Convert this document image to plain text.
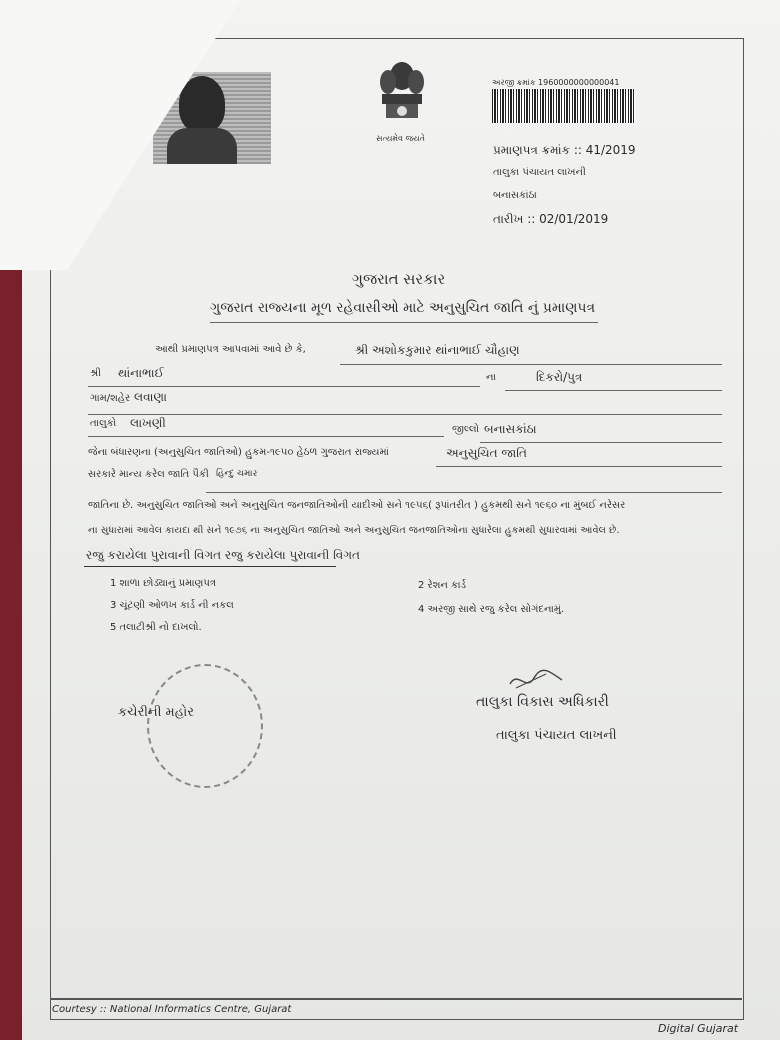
સત્યમેવ જયતે
અરજી ક્રમાંક 1960000000000041
પ્રમાણપત્ર ક્રમાંક :: 41/2019
તાલુકા પંચાયત લાખની
બનાસકાંઠા
તારીખ :: 02/01/2019
ગુજરાત સરકાર
ગુજરાત રાજ્યના મૂળ રહેવાસીઓ માટે અનુસુચિત જાતિ નું પ્રમાણપત્ર
આથી પ્રમાણપત્ર આપવામાં આવે છે કે,	શ્રી અશોકકુમાર થાંનાભાઈ ચૌહાણ
શ્રી થાંનાભાઈ	ના	દિકરો/પુત્ર
ગામ/શહેર લવાણા
તાલુકો લાખણી	જીલ્લો બનાસકાંઠા
જેના બંધારણના (અનુસુચિત જાતિઓ) હુકમ-૧૯૫૦ હેઠળ ગુજરાત રાજ્યમાં	અનુસુચિત જાતિ
સરકારે માન્ય કરેલ જાતિ પૈકી હિન્દુ ચમાર
જાતિના છે. અનુસુચિત જાતિઓ અને અનુસુચિત જનજાતિઓની યાદીઓ સને ૧૯૫૬( રૂપાંતરીત ) હુકમથી સને ૧૯૬૦ ના મુંબઈ નરેસર
ના સુધારામાં આવેલ કાયદા થી સને ૧૯૭૬ ના અનુસુચિત જાતિઓ અને અનુસુચિત જનજાતિઓના સુધારેલા હુકમથી સુધારવામાં આવેલ છે.
રજુ કરાયેલા પુરાવાની વિગત રજુ કરાયેલા પુરાવાની વિગત
1 શાળા છોડ્યાનું પ્રમાણપત્ર	2 રેશન કાર્ડ
3 ચૂંટણી ઓળખ કાર્ડ ની નકલ	4 અરજી સાથે રજુ કરેલ સોગંદનામું.
5 તલાટીશ્રી નો દાખલો.
કચેરીની મહોર
તાલુકા વિકાસ અધિકારી
તાલુકા પંચાયત લાખની
Courtesy :: National Informatics Centre, Gujarat
Digital Gujarat
